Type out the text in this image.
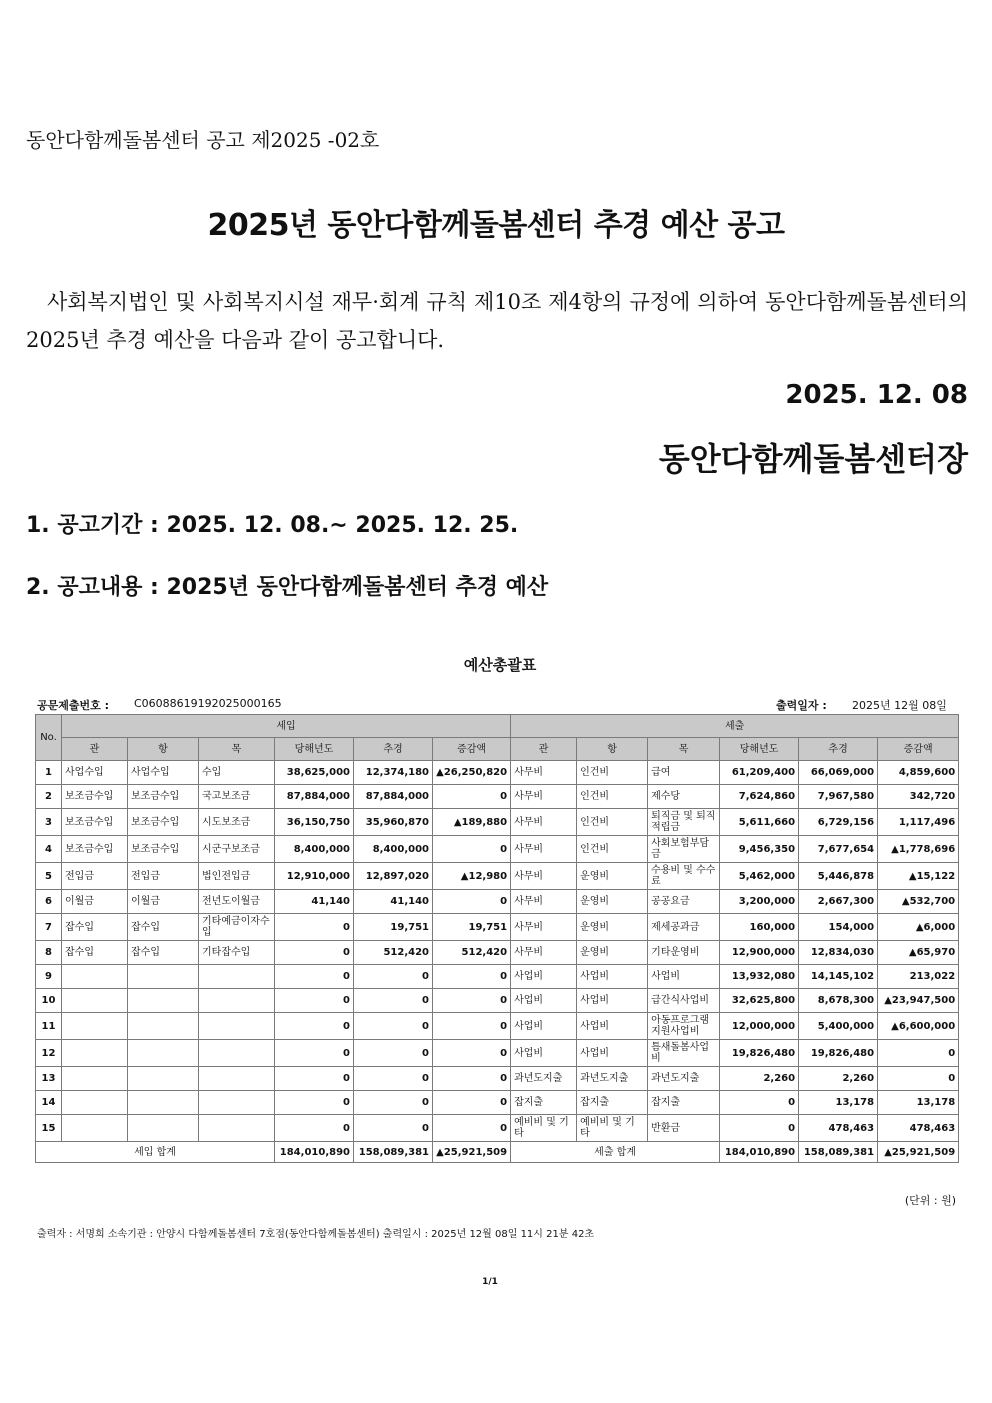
동안다함께돌봄센터 공고 제2025 -02호
2025년 동안다함께돌봄센터 추경 예산 공고
사회복지법인 및 사회복지시설 재무·회계 규칙 제10조 제4항의 규정에 의하여 동안다함께돌봄센터의 2025년 추경 예산을 다음과 같이 공고합니다.
2025. 12. 08
동안다함께돌봄센터장
1. 공고기간 : 2025. 12. 08.~ 2025. 12. 25.
2. 공고내용 : 2025년 동안다함께돌봄센터 추경 예산
예산총괄표
공문제출번호 : C0608861919202500016​5	출력일자 : 2025년 12월 08일
No.	세입						세출					
	관	항	목	당해년도	추경	증감액	관	항	목	당해년도	추경	증감액
1	사업수입	사업수입	수입	38,625,000	12,374,180	▲26,250,820	사무비	인건비	급여	61,209,400	66,069,000	4,859,600
2	보조금수입	보조금수입	국고보조금	87,884,000	87,884,000	0	사무비	인건비	제수당	7,624,860	7,967,580	342,720
3	보조금수입	보조금수입	시도보조금	36,150,750	35,960,870	▲189,880	사무비	인건비	퇴직금 및 퇴직적립금	5,611,660	6,729,156	1,117,496
4	보조금수입	보조금수입	시군구보조금	8,400,000	8,400,000	0	사무비	인건비	사회보험부담금	9,456,350	7,677,654	▲1,778,696
5	전입금	전입금	법인전입금	12,910,000	12,897,020	▲12,980	사무비	운영비	수용비 및 수수료	5,462,000	5,446,878	▲15,122
6	이월금	이월금	전년도이월금	41,140	41,140	0	사무비	운영비	공공요금	3,200,000	2,667,300	▲532,700
7	잡수입	잡수입	기타예금이자수입	0	19,751	19,751	사무비	운영비	제세공과금	160,000	154,000	▲6,000
8	잡수입	잡수입	기타잡수입	0	512,420	512,420	사무비	운영비	기타운영비	12,900,000	12,834,030	▲65,970
9				0	0	0	사업비	사업비	사업비	13,932,080	14,145,102	213,022
10				0	0	0	사업비	사업비	급간식사업비	32,625,800	8,678,300	▲23,947,500
11				0	0	0	사업비	사업비	아동프로그램지원사업비	12,000,000	5,400,000	▲6,600,000
12				0	0	0	사업비	사업비	틈새돌봄사업비	19,826,480	19,826,480	0
13				0	0	0	과년도지출	과년도지출	과년도지출	2,260	2,260	0
14				0	0	0	잡지출	잡지출	잡지출	0	13,178	13,178
15				0	0	0	예비비 및 기타	예비비 및 기타	반환금	0	478,463	478,463
세입 합계				184,010,890	158,089,381	▲25,921,509	세출 합계			184,010,890	158,089,381	▲25,921,509
(단위 : 원)
출력자 : 서명희 소속기관 : 안양시 다함께돌봄센터 7호점(동안다함께돌봄센터) 출력일시 : 2025년 12월 08일 11시 21분 42초
1/1
